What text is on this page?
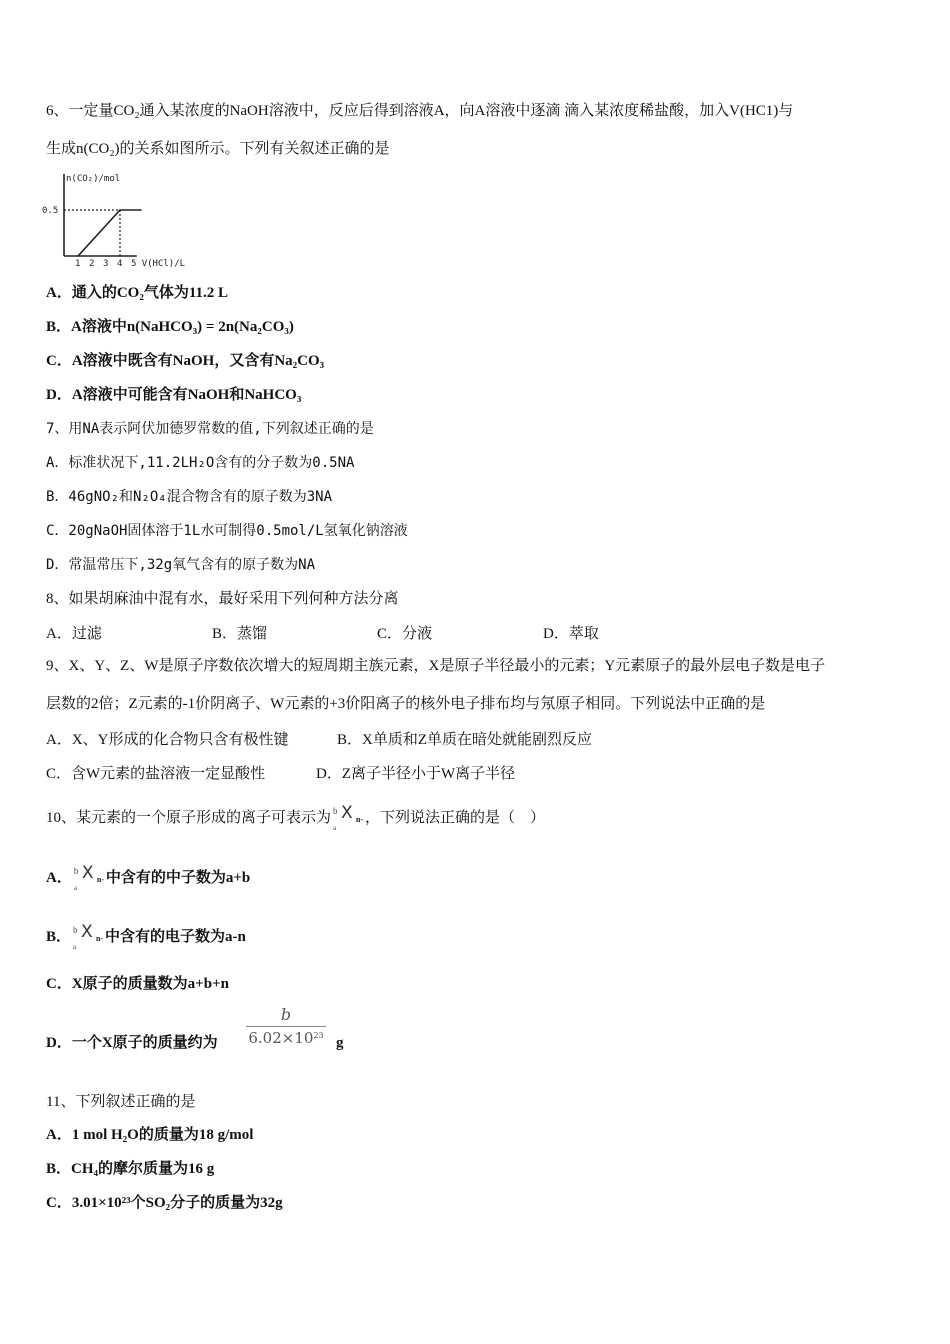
6、一定量CO₂通入某浓度的NaOH溶液中，反应后得到溶液A，向A溶液中逐滴 滴入某浓度稀盐酸，加入V(HC1)与
生成n(CO₂)的关系如图所示。下列有关叙述正确的是
n(CO₂)/mol
V(HCl)/L
0.5
1 2 3 4 5
A．通入的CO₂气体为11.2 L
B．A溶液中n(NaHCO₃) = 2n(Na₂CO₃)
C．A溶液中既含有NaOH，又含有Na₂CO₃
D．A溶液中可能含有NaOH和NaHCO₃
7、用NA表示阿伏加德罗常数的值,下列叙述正确的是
A．标准状况下,11.2LH₂O含有的分子数为0.5NA
B．46gNO₂和N₂O₄混合物含有的原子数为3NA
C．20gNaOH固体溶于1L水可制得0.5mol/L氢氧化钠溶液
D．常温常压下,32g氧气含有的原子数为NA
8、如果胡麻油中混有水，最好采用下列何种方法分离
A．过滤	B．蒸馏	C．分液	D．萃取
9、X、Y、Z、W是原子序数依次增大的短周期主族元素，X是原子半径最小的元素；Y元素原子的最外层电子数是电子
层数的2倍；Z元素的-1价阴离子、W元素的+3价阳离子的核外电子排布均与氖原子相同。下列说法中正确的是
A．X、Y形成的化合物只含有极性键	B．X单质和Z单质在暗处就能剧烈反应
C．含W元素的盐溶液一定显酸性	D．Z离子半径小于W离子半径
10、某元素的一个原子形成的离子可表示为 b
a
X n- ，下列说法正确的是（　）
A． b
a
X n- 中含有的中子数为a+b
B． b
a
X n- 中含有的电子数为a-n
C．X原子的质量数为a+b+n
D．一个X原子的质量约为
b
$6.02\times 10^{23}$ g
11、下列叙述正确的是
A．1 mol H₂O的质量为18 g/mol
B．CH₄的摩尔质量为16 g
C．3.01×10²³个SO₂分子的质量为32g
